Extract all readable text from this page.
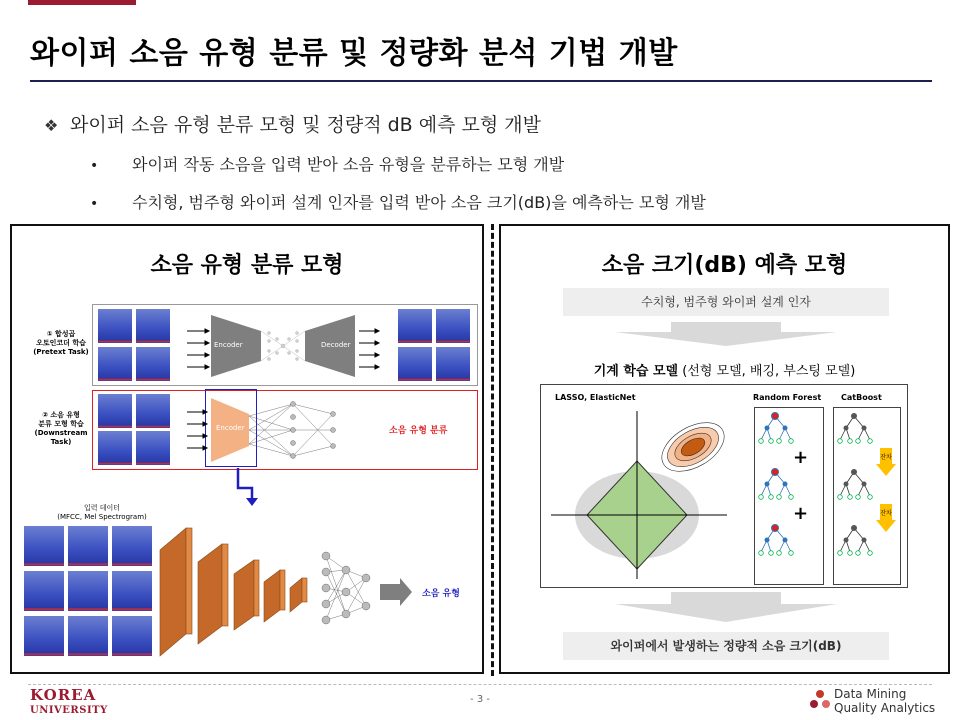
와이퍼 소음 유형 분류 및 정량화 분석 기법 개발
❖ 와이퍼 소음 유형 분류 모형 및 정량적 dB 예측 모형 개발
• 와이퍼 작동 소음을 입력 받아 소음 유형을 분류하는 모형 개발
• 수치형, 범주형 와이퍼 설계 인자를 입력 받아 소음 크기(dB)을 예측하는 모형 개발
소음 유형 분류 모형
① 합성곱
오토인코더 학습
(Pretext Task)
② 소음 유형
분류 모형 학습
(Downstream Task)
Encoder	Decoder
Encoder	소음 유형 분류
입력 데이터
(MFCC, Mel Spectrogram)
소음 유형
소음 크기(dB) 예측 모형
수치형, 범주형 와이퍼 설계 인자
기계 학습 모델 (선형 모델, 배깅, 부스팅 모델)
LASSO, ElasticNet	Random Forest CatBoost
+
+
잔차
잔차
와이퍼에서 발생하는 정량적 소음 크기(dB)
KOREA
UNIVERSITY
- 3 -	Data Mining
Quality Analytics
